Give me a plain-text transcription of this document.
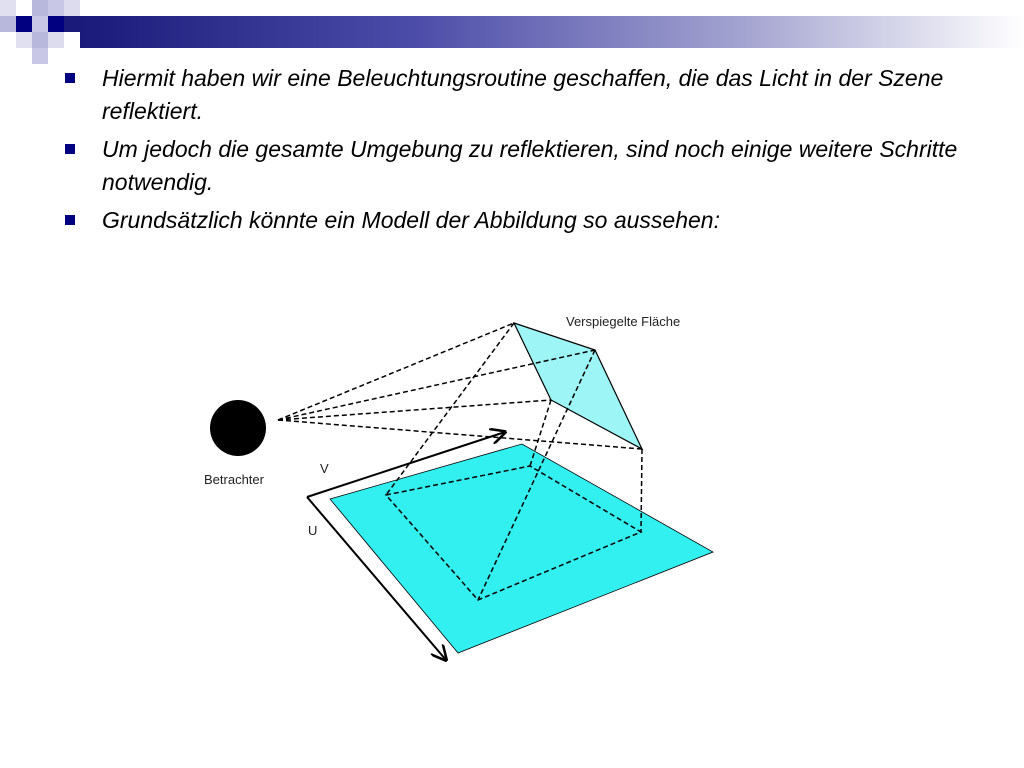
Hiermit haben wir eine Beleuchtungsroutine geschaffen, die das Licht in der Szene reflektiert.
Um jedoch die gesamte Umgebung zu reflektieren, sind noch einige weitere Schritte notwendig.
Grundsätzlich könnte ein Modell der Abbildung so aussehen:
Betrachter
V
U
Verspiegelte Fläche
